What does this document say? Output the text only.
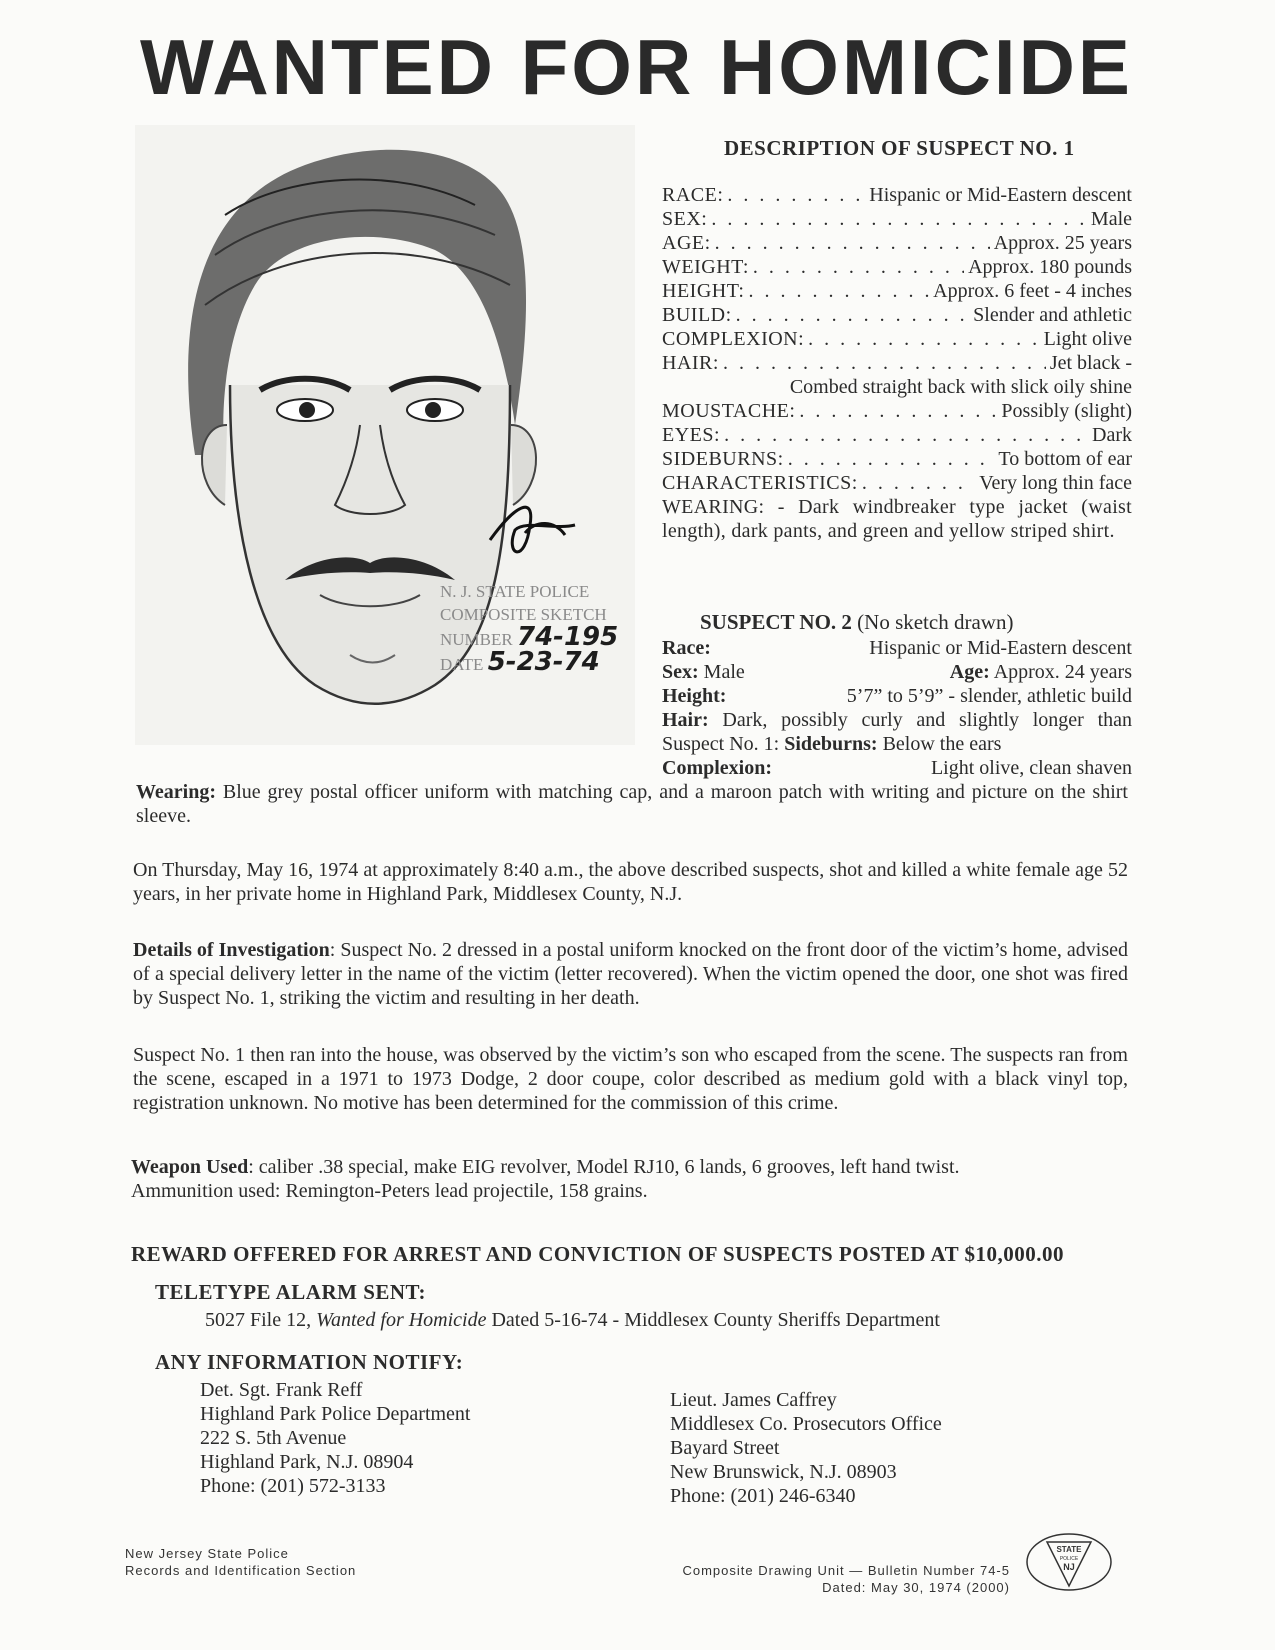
WANTED FOR HOMICIDE
N. J. STATE POLICE
COMPOSITE SKETCH
NUMBER 74-195
DATE 5-23-74
DESCRIPTION OF SUSPECT NO. 1
RACE: . . .	Hispanic or Mid-Eastern descent
SEX: . . .	Male
AGE: . . .	Approx. 25 years
WEIGHT: . . .	Approx. 180 pounds
HEIGHT: . . .	Approx. 6 feet - 4 inches
BUILD: . . .	Slender and athletic
COMPLEXION: . . .	Light olive
HAIR: . . .	Jet black -
Combed straight back with slick oily shine
MOUSTACHE: . . .	Possibly (slight)
EYES: . . .	Dark
SIDEBURNS: . . .	To bottom of ear
CHARACTERISTICS: . . .	Very long thin face
WEARING: - Dark windbreaker type jacket (waist length), dark pants, and green and yellow striped shirt.
SUSPECT NO. 2 (No sketch drawn)
Race:	Hispanic or Mid-Eastern descent
Sex: Male	Age: Approx. 24 years
Height:	5’7” to 5’9” - slender, athletic build
Hair: Dark, possibly curly and slightly longer than Suspect No. 1: Sideburns: Below the ears
Complexion:	Light olive, clean shaven
Wearing: Blue grey postal officer uniform with matching cap, and a maroon patch with writing and picture on the shirt sleeve.
On Thursday, May 16, 1974 at approximately 8:40 a.m., the above described suspects, shot and killed a white female age 52 years, in her private home in Highland Park, Middlesex County, N.J.
Details of Investigation: Suspect No. 2 dressed in a postal uniform knocked on the front door of the victim’s home, advised of a special delivery letter in the name of the victim (letter recovered). When the victim opened the door, one shot was fired by Suspect No. 1, striking the victim and resulting in her death.
Suspect No. 1 then ran into the house, was observed by the victim’s son who escaped from the scene. The suspects ran from the scene, escaped in a 1971 to 1973 Dodge, 2 door coupe, color described as medium gold with a black vinyl top, registration unknown. No motive has been determined for the commission of this crime.
Weapon Used: caliber .38 special, make EIG revolver, Model RJ10, 6 lands, 6 grooves, left hand twist.
Ammunition used: Remington-Peters lead projectile, 158 grains.
REWARD OFFERED FOR ARREST AND CONVICTION OF SUSPECTS POSTED AT $10,000.00
TELETYPE ALARM SENT:
5027 File 12, Wanted for Homicide Dated 5-16-74 - Middlesex County Sheriffs Department
ANY INFORMATION NOTIFY:
Det. Sgt. Frank Reff
Highland Park Police Department
222 S. 5th Avenue
Highland Park, N.J. 08904
Phone: (201) 572-3133
Lieut. James Caffrey
Middlesex Co. Prosecutors Office
Bayard Street
New Brunswick, N.J. 08903
Phone: (201) 246-6340
New Jersey State Police
Records and Identification Section	Composite Drawing Unit — Bulletin Number 74-5
Dated: May 30, 1974 (2000)
STATE
POLICE
NJ
